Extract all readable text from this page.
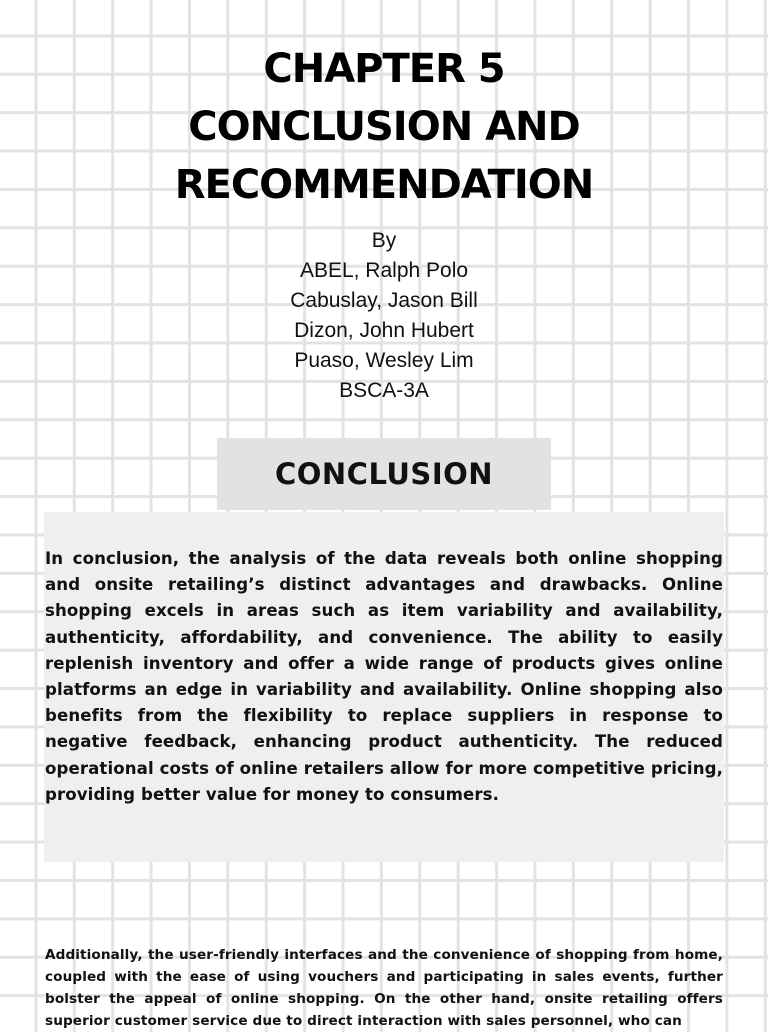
CHAPTER 5
CONCLUSION AND
RECOMMENDATION
By
ABEL, Ralph Polo
Cabuslay, Jason Bill
Dizon, John Hubert
Puaso, Wesley Lim
BSCA-3A
CONCLUSION

In conclusion, the analysis of the data reveals both online shopping and onsite retailing’s distinct advantages and drawbacks. Online shopping excels in areas such as item variability and availability, authenticity, affordability, and convenience. The ability to easily replenish inventory and offer a wide range of products gives online platforms an edge in variability and availability. Online shopping also benefits from the flexibility to replace suppliers in response to negative feedback, enhancing product authenticity. The reduced operational costs of online retailers allow for more competitive pricing, providing better value for money to consumers.

Additionally, the user-friendly interfaces and the convenience of shopping from home, coupled with the ease of using vouchers and participating in sales events, further bolster the appeal of online shopping. On the other hand, onsite retailing offers superior customer service due to direct interaction with sales personnel, who can
